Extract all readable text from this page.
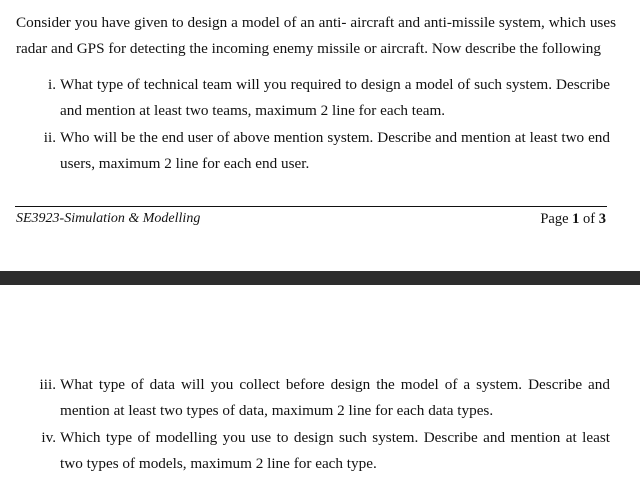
Consider you have given to design a model of an anti- aircraft and anti-missile system, which uses radar and GPS for detecting the incoming enemy missile or aircraft. Now describe the following
i. What type of technical team will you required to design a model of such system. Describe and mention at least two teams, maximum 2 line for each team.
ii. Who will be the end user of above mention system. Describe and mention at least two end users, maximum 2 line for each end user.
SE3923-Simulation & Modelling	Page 1 of 3
iii. What type of data will you collect before design the model of a system. Describe and mention at least two types of data, maximum 2 line for each data types.
iv. Which type of modelling you use to design such system. Describe and mention at least two types of models, maximum 2 line for each type.
